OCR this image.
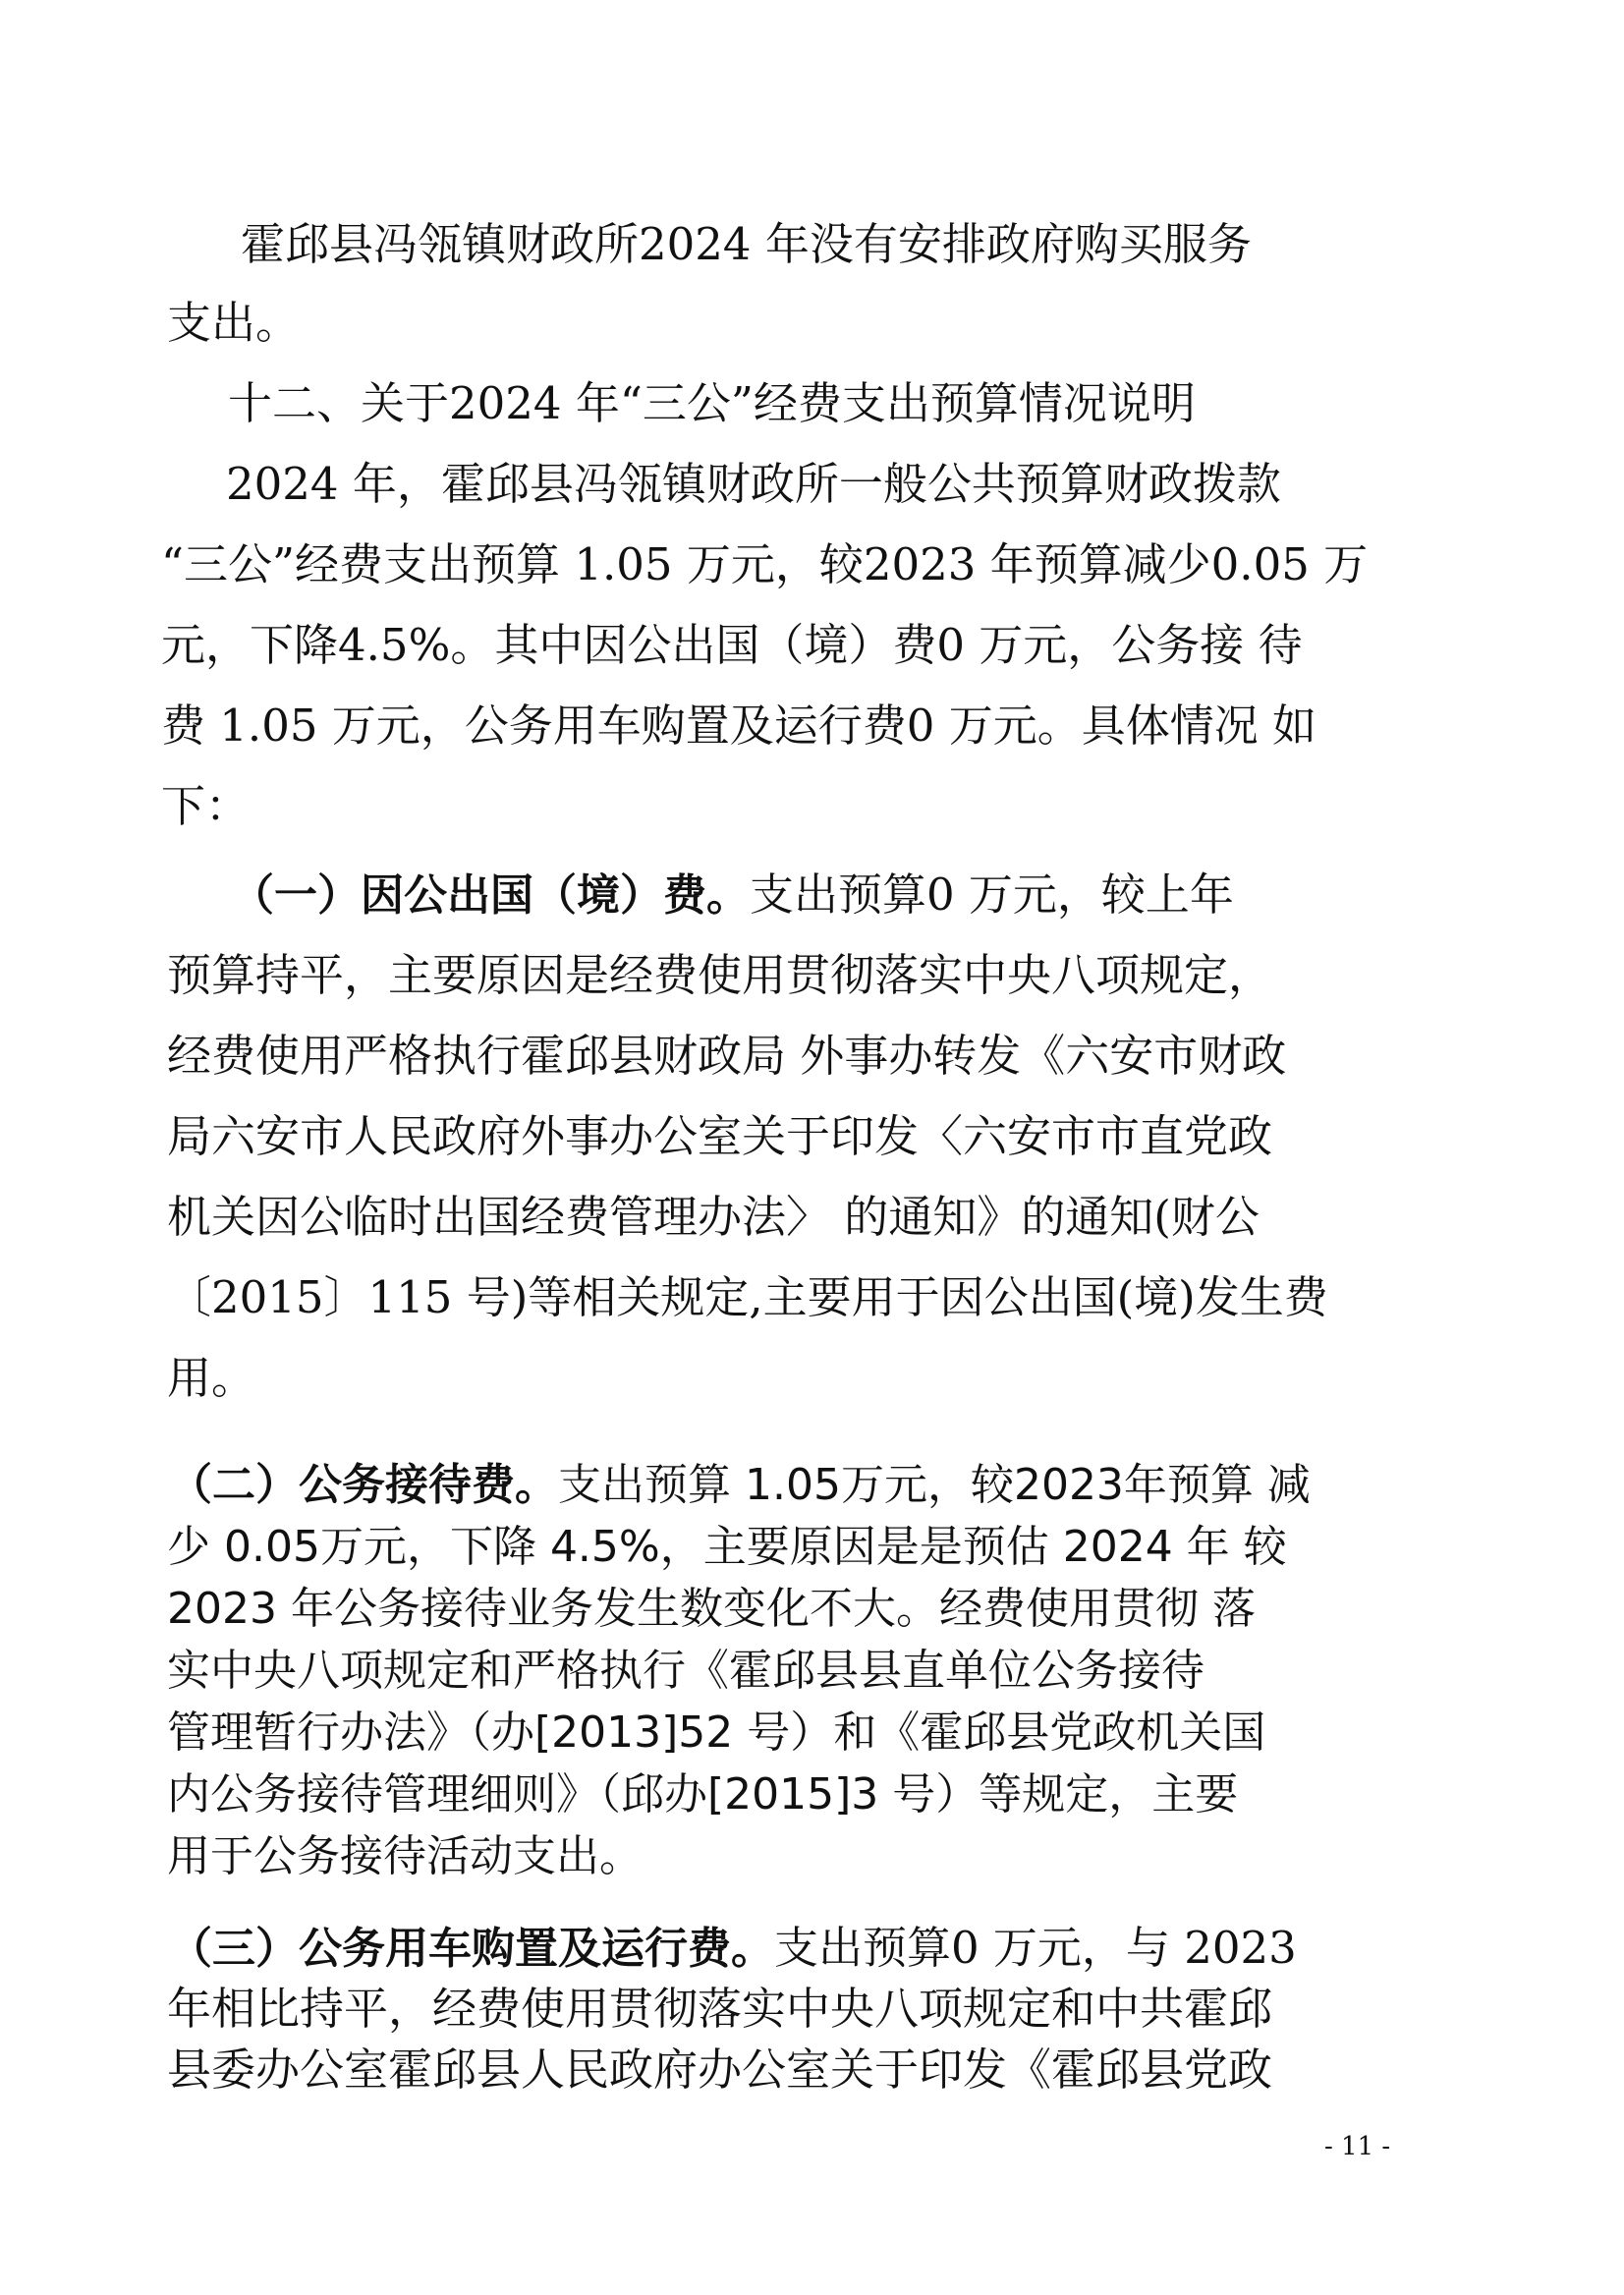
霍邱县冯瓴镇财政所2024 年没有安排政府购买服务
支出。
十二、关于2024 年“三公”经费支出预算情况说明
2024 年，霍邱县冯瓴镇财政所一般公共预算财政拨款
“三公”经费支出预算 1.05 万元，较2023 年预算减少0.05 万
元，下降4.5%。其中因公出国（境）费0 万元，公务接 待
费 1.05 万元，公务用车购置及运行费0 万元。具体情况 如
下：
（一）因公出国（境）费。支出预算0 万元，较上年
预算持平，主要原因是经费使用贯彻落实中央八项规定，
经费使用严格执行霍邱县财政局 外事办转发《六安市财政
局六安市人民政府外事办公室关于印发〈六安市市直党政
机关因公临时出国经费管理办法〉 的通知》的通知(财公
〔2015〕115 号)等相关规定,主要用于因公出国(境)发生费
用。
（二）公务接待费。支出预算 1.05万元，较2023年预算 减
少 0.05万元，下降 4.5%，主要原因是是预估 2024 年 较
2023 年公务接待业务发生数变化不大。经费使用贯彻 落
实中央八项规定和严格执行《霍邱县县直单位公务接待
管理暂行办法》（办[2013]52 号）和《霍邱县党政机关国
内公务接待管理细则》（邱办[2015]3 号）等规定，主要
用于公务接待活动支出。
（三）公务用车购置及运行费。支出预算0 万元，与 2023
年相比持平，经费使用贯彻落实中央八项规定和中共霍邱
县委办公室霍邱县人民政府办公室关于印发《霍邱县党政
- 11 -
